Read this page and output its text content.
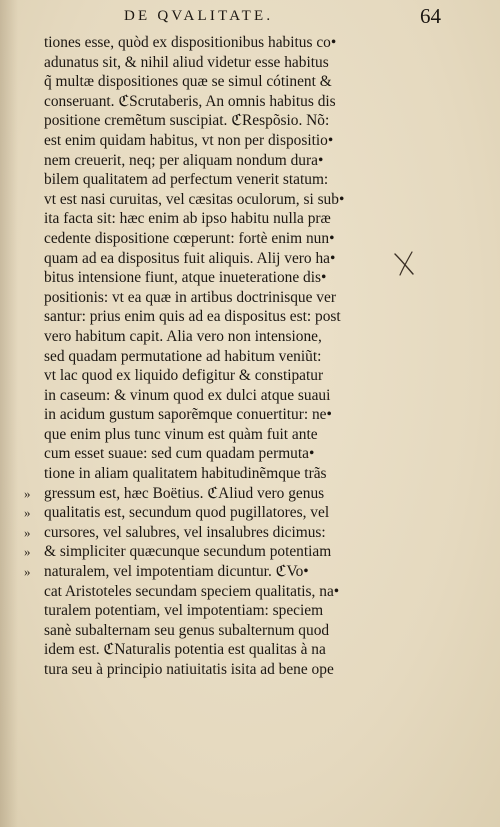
DE QVALITATE.	64
tiones esse, quòd ex dispositionibus habitus co•
adunatus sit, & nihil aliud videtur esse habitus
q̃ multæ dispositiones quæ se simul cótinent &
conseruant. ℭScrutaberis, An omnis habitus dis
positione cremẽtum suscipiat. ℭRespõsio. Nõ:
est enim quidam habitus, vt non per dispositio•
nem creuerit, neq; per aliquam nondum dura•
bilem qualitatem ad perfectum venerit statum:
vt est nasi curuitas, vel cæsitas oculorum, si sub•
ita facta sit: hæc enim ab ipso habitu nulla præ
cedente dispositione cœperunt: fortè enim nun•
quam ad ea dispositus fuit aliquis. Alij vero ha•
bitus intensione fiunt, atque inueteratione dis•
positionis: vt ea quæ in artibus doctrinisque ver
santur: prius enim quis ad ea dispositus est: post
vero habitum capit. Alia vero non intensione,
sed quadam permutatione ad habitum veniũt:
vt lac quod ex liquido defigitur & constipatur
in caseum: & vinum quod ex dulci atque suaui
in acidum gustum saporẽmque conuertitur: ne•
que enim plus tunc vinum est quàm fuit ante
cum esset suaue: sed cum quadam permuta•
tione in aliam qualitatem habitudinẽmque trãs
» gressum est, hæc Boëtius. ℭAliud vero genus
» qualitatis est, secundum quod pugillatores, vel
» cursores, vel salubres, vel insalubres dicimus:
» & simpliciter quæcunque secundum potentiam
» naturalem, vel impotentiam dicuntur. ℭVo•
cat Aristoteles secundam speciem qualitatis, na•
turalem potentiam, vel impotentiam: speciem
sanè subalternam seu genus subalternum quod
idem est. ℭNaturalis potentia est qualitas à na
tura seu à principio natiuitatis isita ad bene ope
